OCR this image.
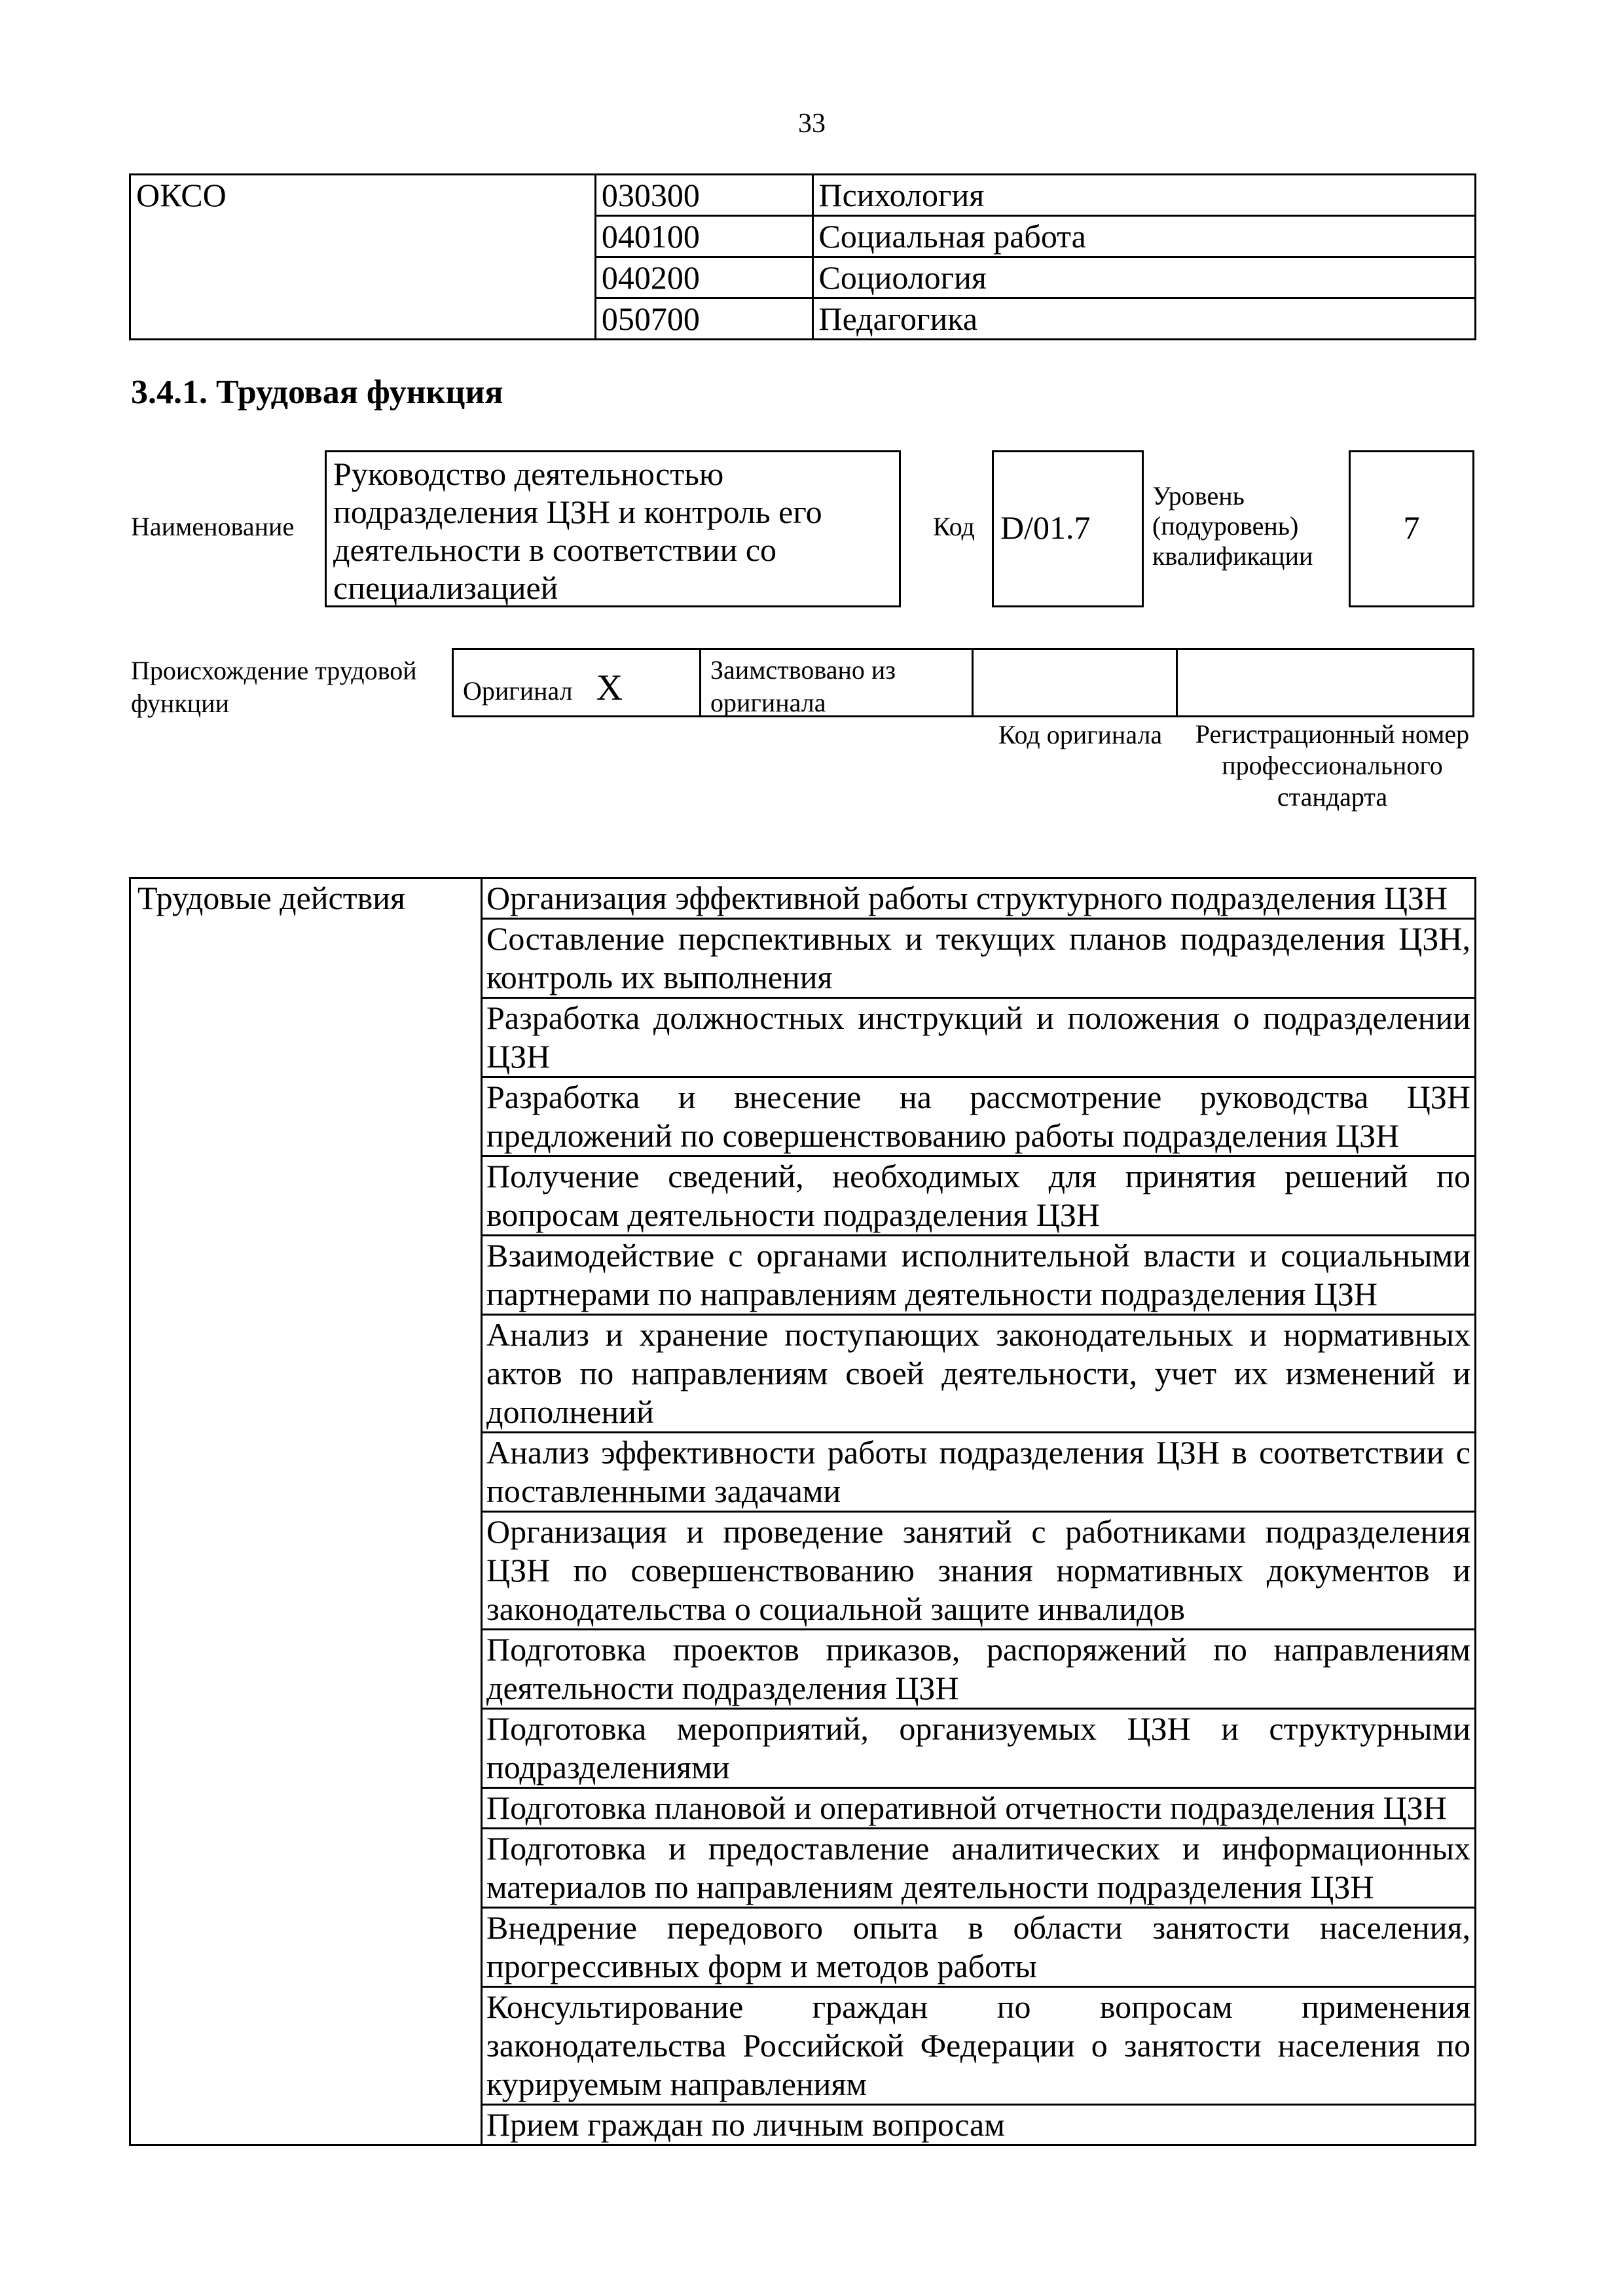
33
ОКСО	030300	Психология
	040100	Социальная работа
	040200	Социология
	050700	Педагогика
3.4.1. Трудовая функция
Наименование
Руководство деятельностью подразделения ЦЗН и контроль его деятельности в соответствии со специализацией
Код D/01.7
Уровень (подуровень) квалификации
7
Происхождение трудовой функции	Оригинал X	Заимствовано из оригинала
Код оригинала	Регистрационный номер профессионального стандарта
Трудовые действия	Организация эффективной работы структурного подразделения ЦЗН
Составление перспективных и текущих планов подразделения ЦЗН, контроль их выполнения
Разработка должностных инструкций и положения о подразделении ЦЗН
Разработка и внесение на рассмотрение руководства ЦЗН предложений по совершенствованию работы подразделения ЦЗН
Получение сведений, необходимых для принятия решений по вопросам деятельности подразделения ЦЗН
Взаимодействие с органами исполнительной власти и социальными партнерами по направлениям деятельности подразделения ЦЗН
Анализ и хранение поступающих законодательных и нормативных актов по направлениям своей деятельности, учет их изменений и дополнений
Анализ эффективности работы подразделения ЦЗН в соответствии с поставленными задачами
Организация и проведение занятий с работниками подразделения ЦЗН по совершенствованию знания нормативных документов и законодательства о социальной защите инвалидов
Подготовка проектов приказов, распоряжений по направлениям деятельности подразделения ЦЗН
Подготовка мероприятий, организуемых ЦЗН и структурными подразделениями
Подготовка плановой и оперативной отчетности подразделения ЦЗН
Подготовка и предоставление аналитических и информационных материалов по направлениям деятельности подразделения ЦЗН
Внедрение передового опыта в области занятости населения, прогрессивных форм и методов работы
Консультирование граждан по вопросам применения законодательства Российской Федерации о занятости населения по курируемым направлениям
Прием граждан по личным вопросам
